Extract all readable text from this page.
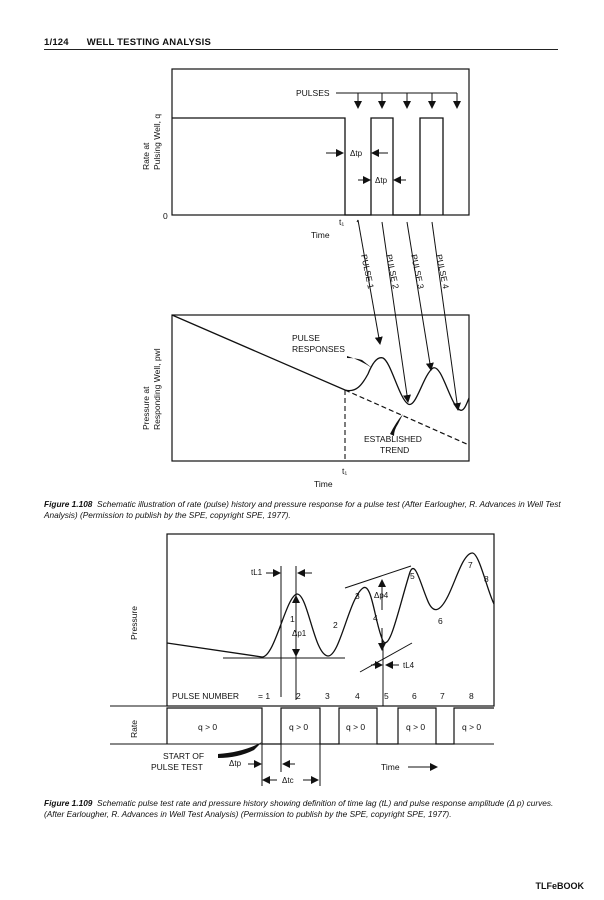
1/124 WELL TESTING ANALYSIS
Rate at Pulsing Well, q
0
PULSES
Δtp
Δtp
t₁
Time
PULSE 1 PULSE 2 PULSE 3 PULSE 4
Pressure at Responding Well, pwl
PULSE
RESPONSES
ESTABLISHED
TREND
t₁
Time
tL1
Δp1
Δp4
tL4
1
2
3
4
5
6
7
8
Pressure
PULSE NUMBER = 1	2	3	4	5	6	7	8
Rate	q > 0	q > 0	q > 0	q > 0	q > 0
START OF
PULSE TEST	Δtp
Δtc
Time
Figure 1.108 Schematic illustration of rate (pulse) history and pressure response for a pulse test (After Earlougher, R. Advances in Well Test Analysis) (Permission to publish by the SPE, copyright SPE, 1977).
Figure 1.109 Schematic pulse test rate and pressure history showing definition of time lag (tL) and pulse response amplitude (Δ p) curves. (After Earlougher, R. Advances in Well Test Analysis) (Permission to publish by the SPE, copyright SPE, 1977).
TLFeBOOK
